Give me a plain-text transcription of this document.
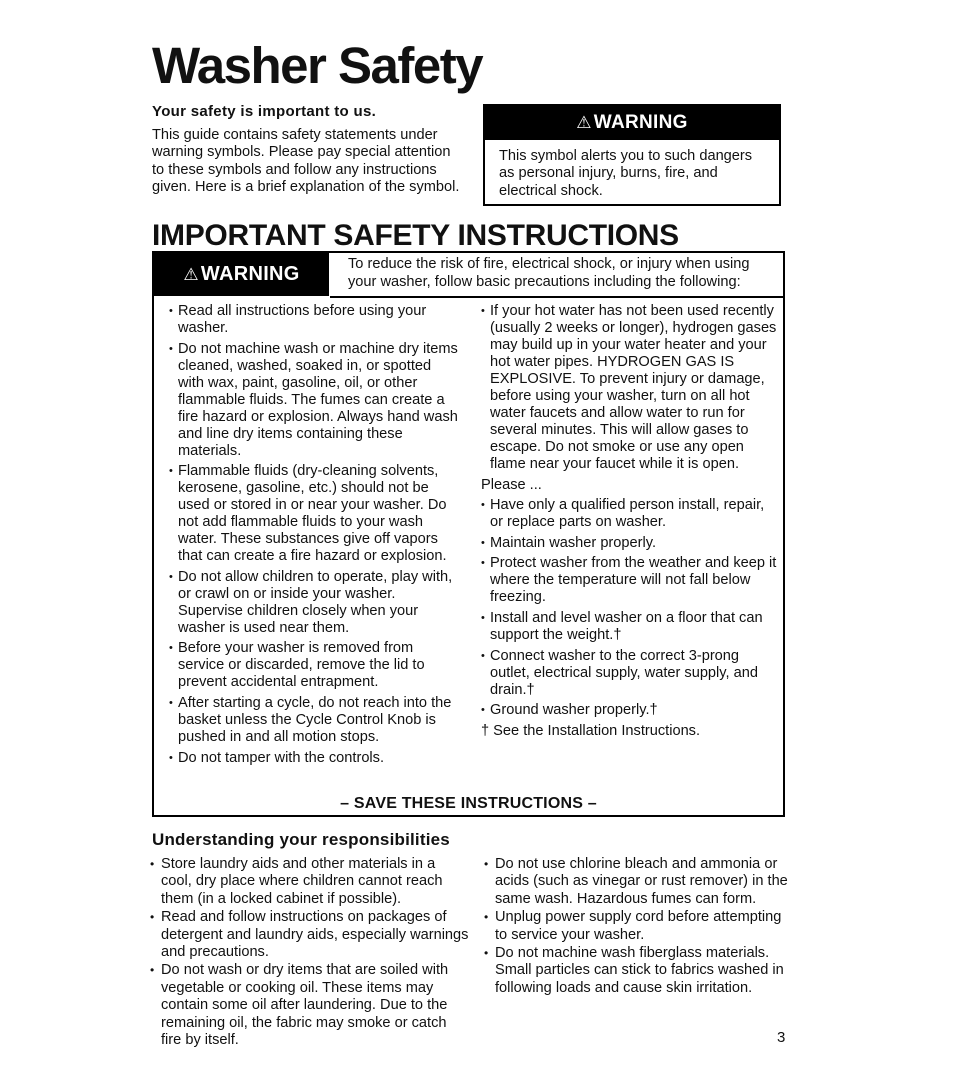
Washer Safety
Your safety is important to us.
This guide contains safety statements under warning symbols. Please pay special attention to these symbols and follow any instructions given. Here is a brief explanation of the symbol.
⚠ WARNING
This symbol alerts you to such dangers as personal injury, burns, fire, and electrical shock.
IMPORTANT SAFETY INSTRUCTIONS
⚠ WARNING	To reduce the risk of fire, electrical shock, or injury when using your washer, follow basic precautions including the following:
• Read all instructions before using your washer.
• Do not machine wash or machine dry items cleaned, washed, soaked in, or spotted with wax, paint, gasoline, oil, or other flammable fluids. The fumes can create a fire hazard or explosion. Always hand wash and line dry items containing these materials.
• Flammable fluids (dry-cleaning solvents, kerosene, gasoline, etc.) should not be used or stored in or near your washer. Do not add flammable fluids to your wash water. These substances give off vapors that can create a fire hazard or explosion.
• Do not allow children to operate, play with, or crawl on or inside your washer. Supervise children closely when your washer is used near them.
• Before your washer is removed from service or discarded, remove the lid to prevent accidental entrapment.
• After starting a cycle, do not reach into the basket unless the Cycle Control Knob is pushed in and all motion stops.
• Do not tamper with the controls.
• If your hot water has not been used recently (usually 2 weeks or longer), hydrogen gases may build up in your water heater and your hot water pipes. HYDROGEN GAS IS EXPLOSIVE. To prevent injury or damage, before using your washer, turn on all hot water faucets and allow water to run for several minutes. This will allow gases to escape. Do not smoke or use any open flame near your faucet while it is open.

Please ...

• Have only a qualified person install, repair, or replace parts on washer.
• Maintain washer properly.
• Protect washer from the weather and keep it where the temperature will not fall below freezing.
• Install and level washer on a floor that can support the weight.†
• Connect washer to the correct 3-prong outlet, electrical supply, water supply, and drain.†
• Ground washer properly.†

† See the Installation Instructions.

– SAVE THESE INSTRUCTIONS –
Understanding your responsibilities
• Store laundry aids and other materials in a cool, dry place where children cannot reach them (in a locked cabinet if possible).
• Read and follow instructions on packages of detergent and laundry aids, especially warnings and precautions.
• Do not wash or dry items that are soiled with vegetable or cooking oil. These items may contain some oil after laundering. Due to the remaining oil, the fabric may smoke or catch fire by itself.
• Do not use chlorine bleach and ammonia or acids (such as vinegar or rust remover) in the same wash. Hazardous fumes can form.
• Unplug power supply cord before attempting to service your washer.
• Do not machine wash fiberglass materials. Small particles can stick to fabrics washed in following loads and cause skin irritation.
3
